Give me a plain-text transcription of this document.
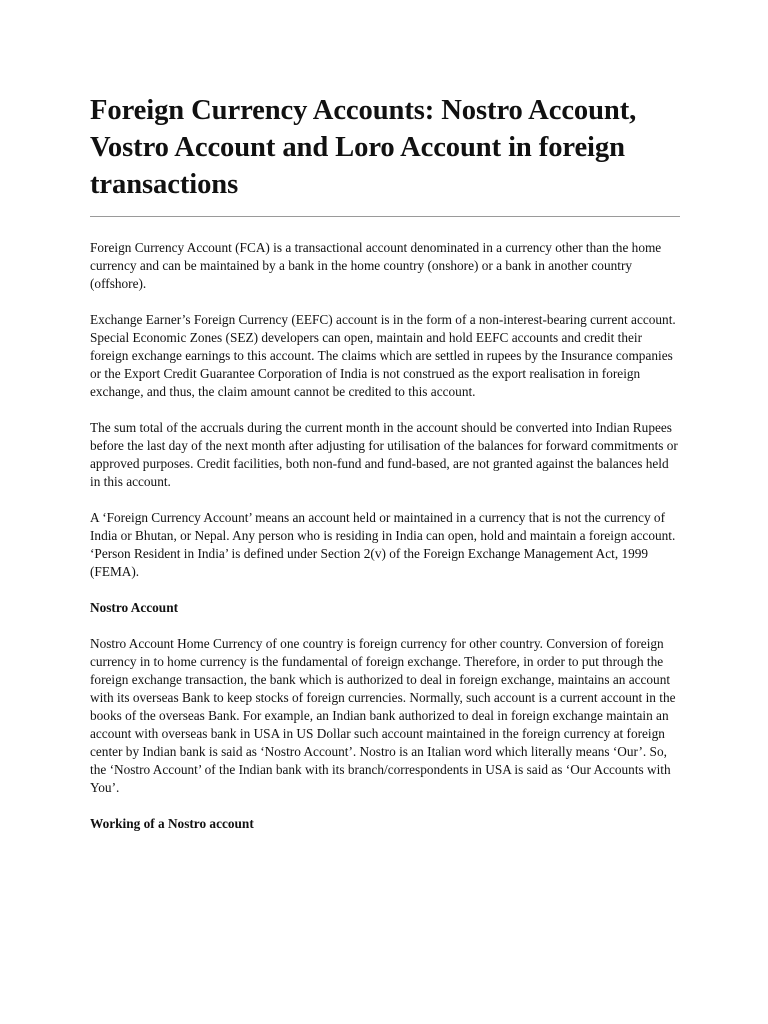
Foreign Currency Accounts: Nostro Account, Vostro Account and Loro Account in foreign transactions

Foreign Currency Account (FCA) is a transactional account denominated in a currency other than the home currency and can be maintained by a bank in the home country (onshore) or a bank in another country (offshore).

Exchange Earner’s Foreign Currency (EEFC) account is in the form of a non-interest-bearing current account. Special Economic Zones (SEZ) developers can open, maintain and hold EEFC accounts and credit their foreign exchange earnings to this account. The claims which are settled in rupees by the Insurance companies or the Export Credit Guarantee Corporation of India is not construed as the export realisation in foreign exchange, and thus, the claim amount cannot be credited to this account.

The sum total of the accruals during the current month in the account should be converted into Indian Rupees before the last day of the next month after adjusting for utilisation of the balances for forward commitments or approved purposes. Credit facilities, both non-fund and fund-based, are not granted against the balances held in this account.

A ‘Foreign Currency Account’ means an account held or maintained in a currency that is not the currency of India or Bhutan, or Nepal. Any person who is residing in India can open, hold and maintain a foreign account. ‘Person Resident in India’ is defined under Section 2(v) of the Foreign Exchange Management Act, 1999 (FEMA).

Nostro Account

Nostro Account Home Currency of one country is foreign currency for other country. Conversion of foreign currency in to home currency is the fundamental of foreign exchange. Therefore, in order to put through the foreign exchange transaction, the bank which is authorized to deal in foreign exchange, maintains an account with its overseas Bank to keep stocks of foreign currencies. Normally, such account is a current account in the books of the overseas Bank. For example, an Indian bank authorized to deal in foreign exchange maintain an account with overseas bank in USA in US Dollar such account maintained in the foreign currency at foreign center by Indian bank is said as ‘Nostro Account’. Nostro is an Italian word which literally means ‘Our’. So, the ‘Nostro Account’ of the Indian bank with its branch/correspondents in USA is said as ‘Our Accounts with You’.

Working of a Nostro account
